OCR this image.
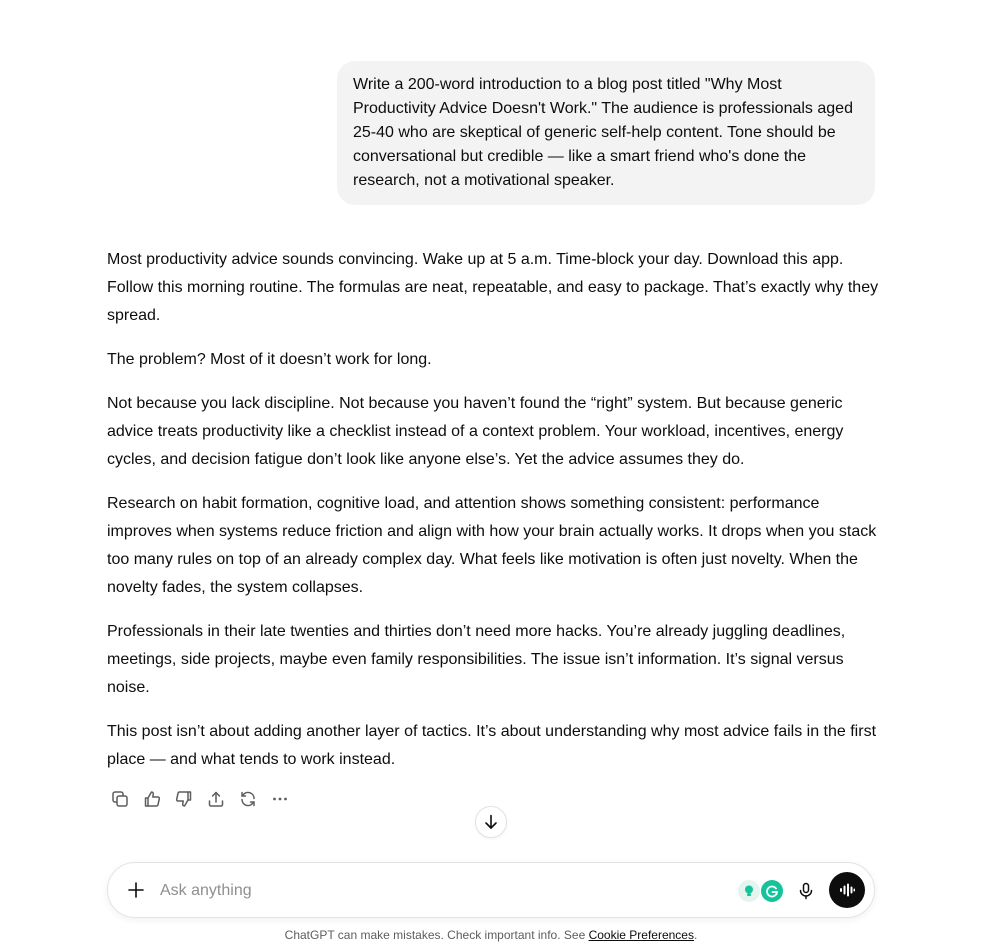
Write a 200-word introduction to a blog post titled "Why Most Productivity Advice Doesn't Work." The audience is professionals aged 25-40 who are skeptical of generic self-help content. Tone should be conversational but credible — like a smart friend who's done the research, not a motivational speaker.

Most productivity advice sounds convincing. Wake up at 5 a.m. Time-block your day. Download this app. Follow this morning routine. The formulas are neat, repeatable, and easy to package. That’s exactly why they spread.

The problem? Most of it doesn’t work for long.

Not because you lack discipline. Not because you haven’t found the “right” system. But because generic advice treats productivity like a checklist instead of a context problem. Your workload, incentives, energy cycles, and decision fatigue don’t look like anyone else’s. Yet the advice assumes they do.

Research on habit formation, cognitive load, and attention shows something consistent: performance improves when systems reduce friction and align with how your brain actually works. It drops when you stack too many rules on top of an already complex day. What feels like motivation is often just novelty. When the novelty fades, the system collapses.

Professionals in their late twenties and thirties don’t need more hacks. You’re already juggling deadlines, meetings, side projects, maybe even family responsibilities. The issue isn’t information. It’s signal versus noise.

This post isn’t about adding another layer of tactics. It’s about understanding why most advice fails in the first place — and what tends to work instead.

Ask anything
ChatGPT can make mistakes. Check important info. See Cookie Preferences.
